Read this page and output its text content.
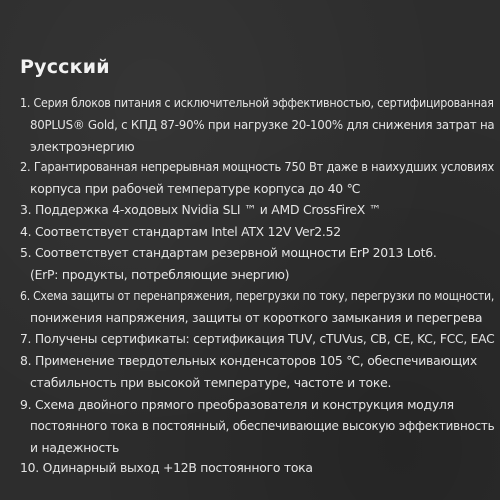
Русский
1. Серия блоков питания с исключительной эффективностью, сертифицированная
80PLUS® Gold, с КПД 87-90% при нагрузке 20-100% для снижения затрат на
электроэнергию
2. Гарантированная непрерывная мощность 750 Вт даже в наихудших условиях
корпуса при рабочей температуре корпуса до 40 ℃
3. Поддержка 4-ходовых Nvidia SLI ™ и AMD CrossFireX ™
4. Соответствует стандартам Intel ATX 12V Ver2.52
5. Соответствует стандартам резервной мощности ErP 2013 Lot6.
(ErP: продукты, потребляющие энергию)
6. Схема защиты от перенапряжения, перегрузки по току, перегрузки по мощности,
понижения напряжения, защиты от короткого замыкания и перегрева
7. Получены сертификаты: сертификация TUV, cTUVus, CB, CE, KC, FCC, EAC
8. Применение твердотельных конденсаторов 105 ℃, обеспечивающих
стабильность при высокой температуре, частоте и токе.
9. Схема двойного прямого преобразователя и конструкция модуля
постоянного тока в постоянный, обеспечивающие высокую эффективность
и надежность
10. Одинарный выход +12В постоянного тока
